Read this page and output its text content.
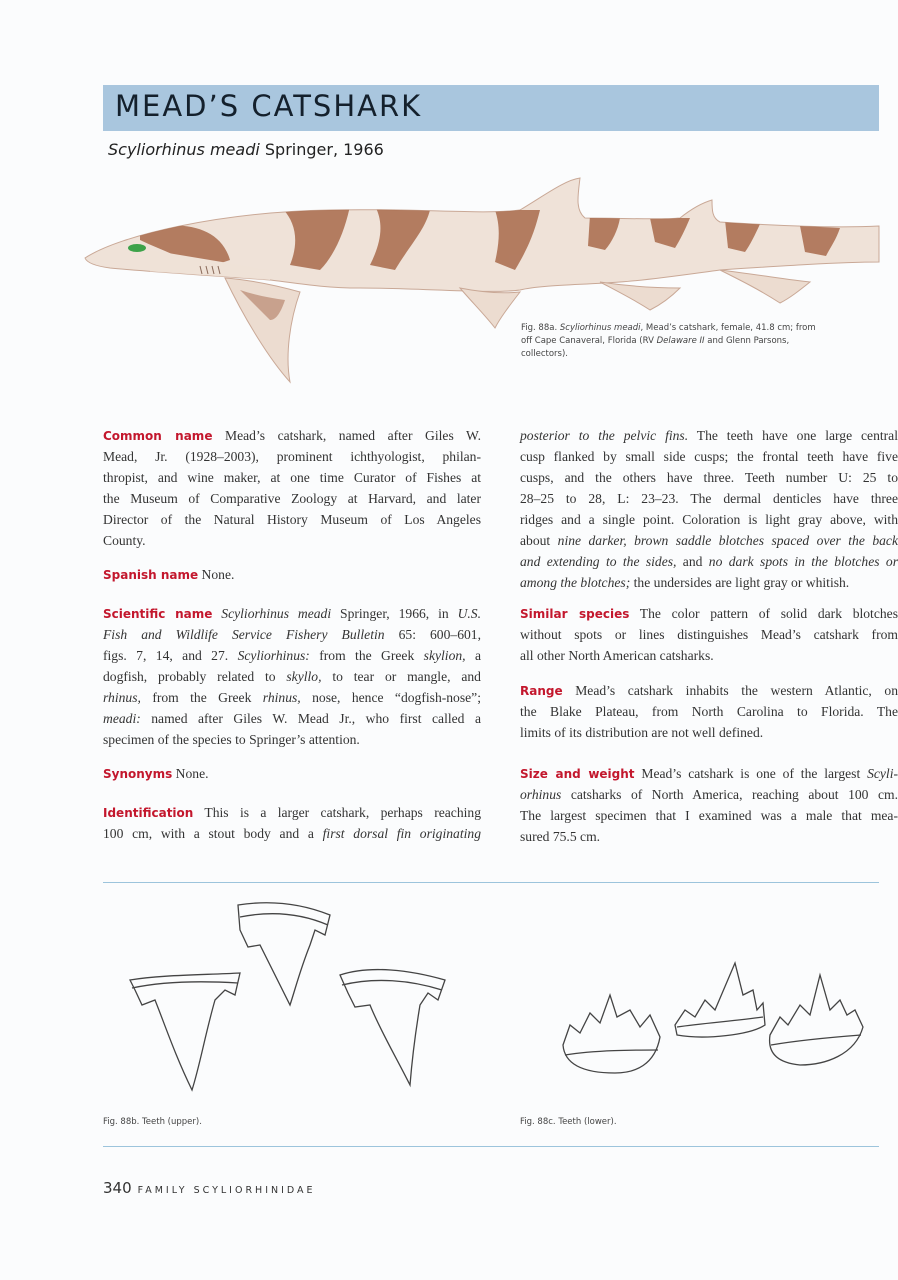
MEAD’S CATSHARK
Scyliorhinus meadi Springer, 1966
Fig. 88a. Scyliorhinus meadi, Mead’s catshark, female, 41.8 cm; from
off Cape Canaveral, Florida (RV Delaware II and Glenn Parsons,
collectors).
Common name Mead’s catshark, named after Giles W.
Mead, Jr. (1928–2003), prominent ichthyologist, philan-
thropist, and wine maker, at one time Curator of Fishes at
the Museum of Comparative Zoology at Harvard, and later
Director of the Natural History Museum of Los Angeles
County.
Spanish name None.
Scientific name Scyliorhinus meadi Springer, 1966, in U.S.
Fish and Wildlife Service Fishery Bulletin 65: 600–601,
figs. 7, 14, and 27. Scyliorhinus: from the Greek skylion, a
dogfish, probably related to skyllo, to tear or mangle, and
rhinus, from the Greek rhinus, nose, hence “dogfish-nose”;
meadi: named after Giles W. Mead Jr., who first called a
specimen of the species to Springer’s attention.
Synonyms None.
Identification This is a larger catshark, perhaps reaching
100 cm, with a stout body and a first dorsal fin originating
posterior to the pelvic fins. The teeth have one large central
cusp flanked by small side cusps; the frontal teeth have five
cusps, and the others have three. Teeth number U: 25 to
28–25 to 28, L: 23–23. The dermal denticles have three
ridges and a single point. Coloration is light gray above, with
about nine darker, brown saddle blotches spaced over the back
and extending to the sides, and no dark spots in the blotches or
among the blotches; the undersides are light gray or whitish.
Similar species The color pattern of solid dark blotches
without spots or lines distinguishes Mead’s catshark from
all other North American catsharks.
Range Mead’s catshark inhabits the western Atlantic, on
the Blake Plateau, from North Carolina to Florida. The
limits of its distribution are not well defined.
Size and weight Mead’s catshark is one of the largest Scyli-
orhinus catsharks of North America, reaching about 100 cm.
The largest specimen that I examined was a male that mea-
sured 75.5 cm.
Fig. 88b. Teeth (upper).	Fig. 88c. Teeth (lower).
340 FAMILY SCYLIORHINIDAE
